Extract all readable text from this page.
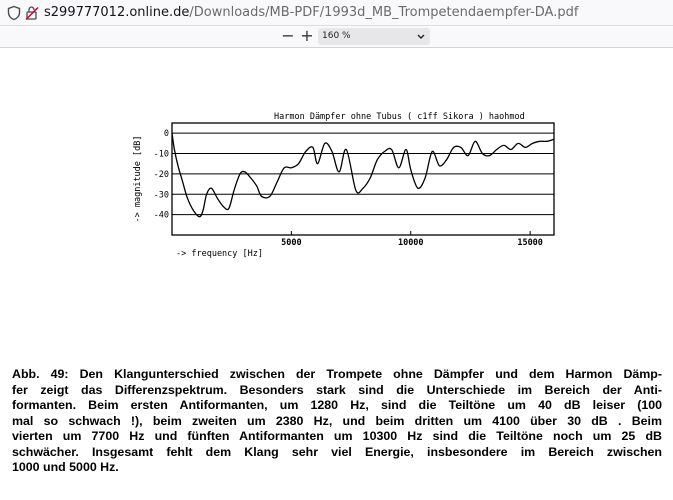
s299777012.online.de/Downloads/MB-PDF/1993d_MB_Trompetendaempfer-DA.pdf
− + 160 %
Harmon Dämpfer ohne Tubus ( c1ff Sikora ) haohmod
0
-10
-20
-30
-40
5000	10000	15000
-> magnitude [dB]
-> frequency [Hz]
Abb. 49: Den Klangunterschied zwischen der Trompete ohne Dämpfer und dem Harmon Dämp-
fer zeigt das Differenzspektrum. Besonders stark sind die Unterschiede im Bereich der Anti-
formanten. Beim ersten Antiformanten, um 1280 Hz, sind die Teiltöne um 40 dB leiser (100
mal so schwach !), beim zweiten um 2380 Hz, und beim dritten um 4100 über 30 dB . Beim
vierten um 7700 Hz und fünften Antiformanten um 10300 Hz sind die Teiltöne noch um 25 dB
schwächer. Insgesamt fehlt dem Klang sehr viel Energie, insbesondere im Bereich zwischen
1000 und 5000 Hz.
